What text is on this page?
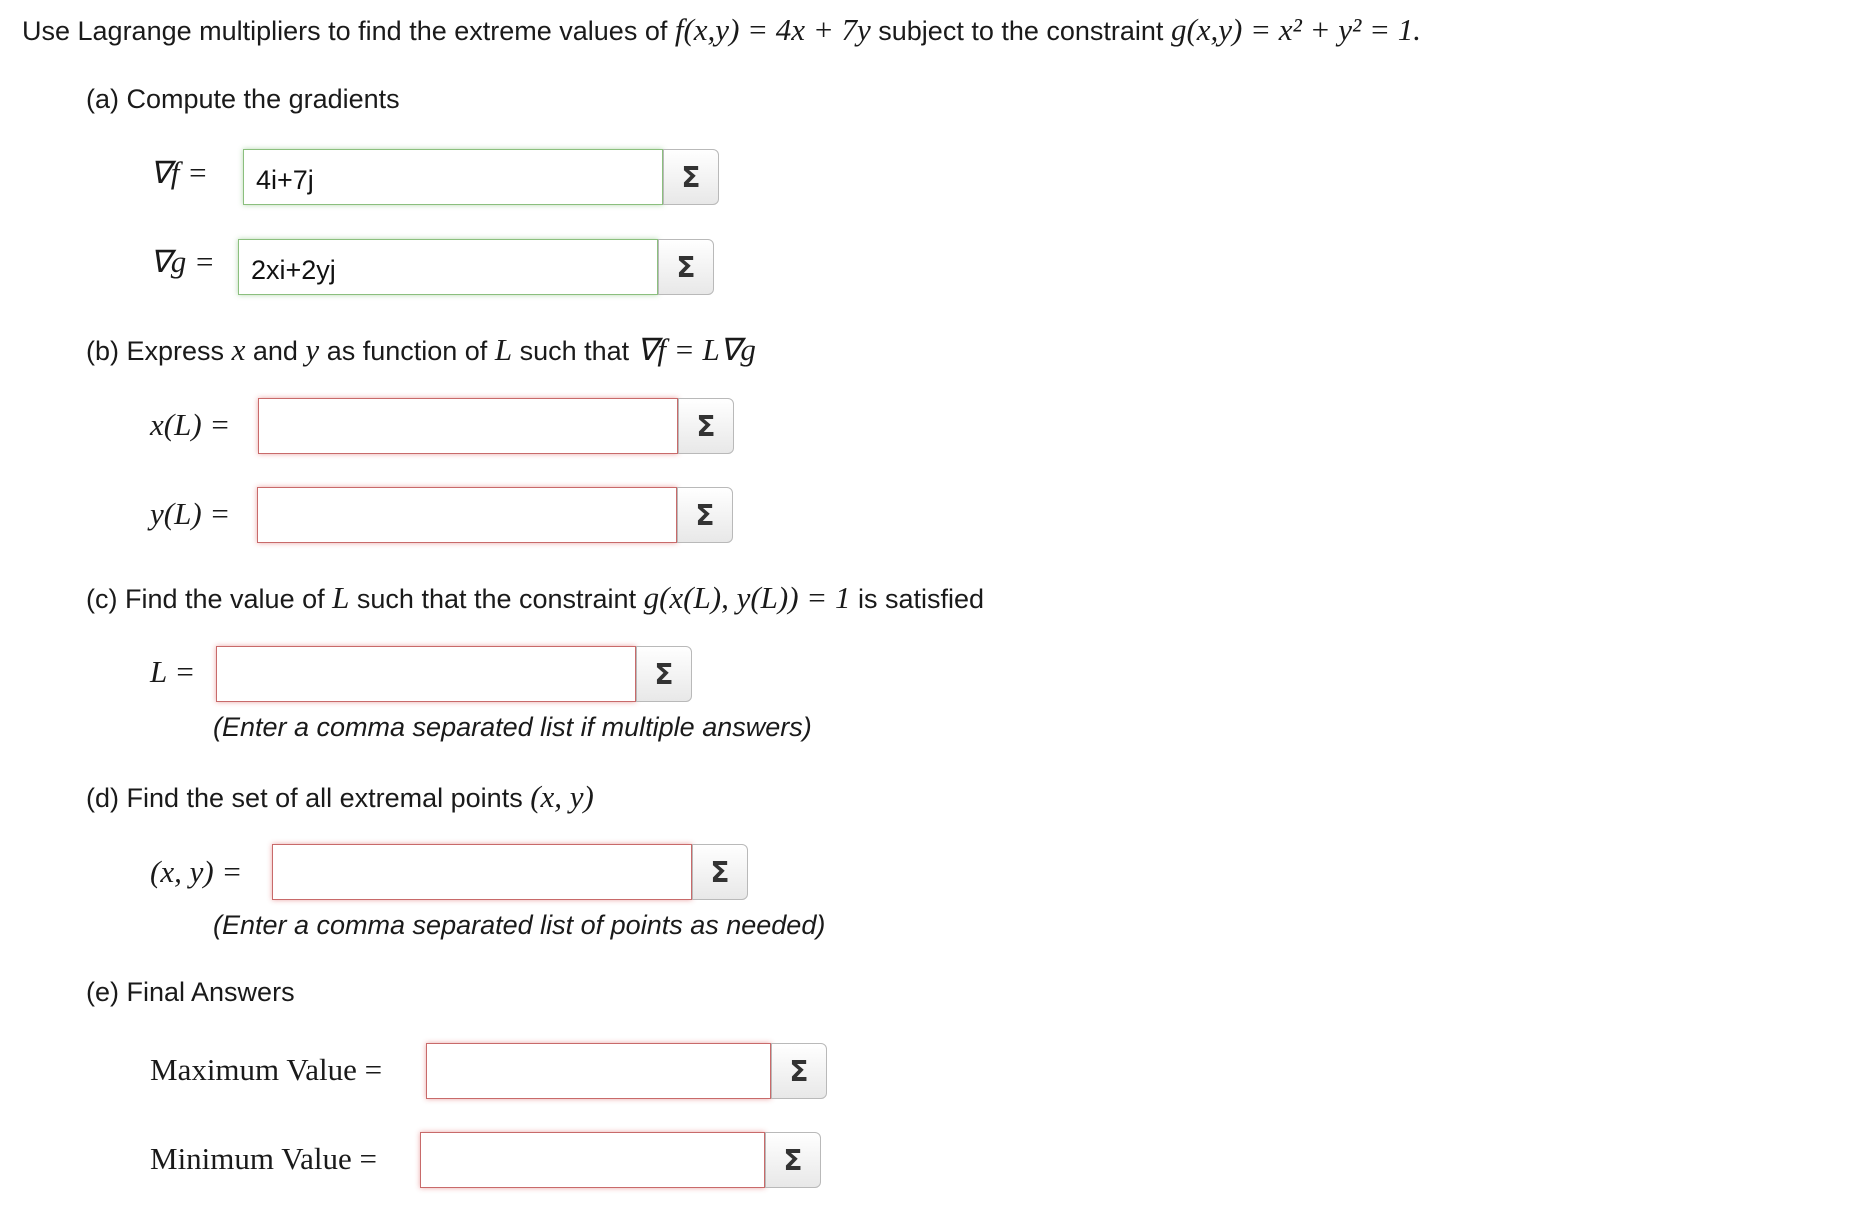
Use Lagrange multipliers to find the extreme values of f(x,y) = 4x + 7y subject to the constraint g(x,y) = x² + y² = 1.
(a) Compute the gradients
∇f =	4i+7j	Σ
∇g =	2xi+2yj	Σ
(b) Express x and y as function of L such that ∇f = L∇g
x(L) =	Σ
y(L) =	Σ
(c) Find the value of L such that the constraint g(x(L), y(L)) = 1 is satisfied
L =	Σ
(Enter a comma separated list if multiple answers)
(d) Find the set of all extremal points (x, y)
(x, y) =	Σ
(Enter a comma separated list of points as needed)
(e) Final Answers
Maximum Value =	Σ
Minimum Value =	Σ
